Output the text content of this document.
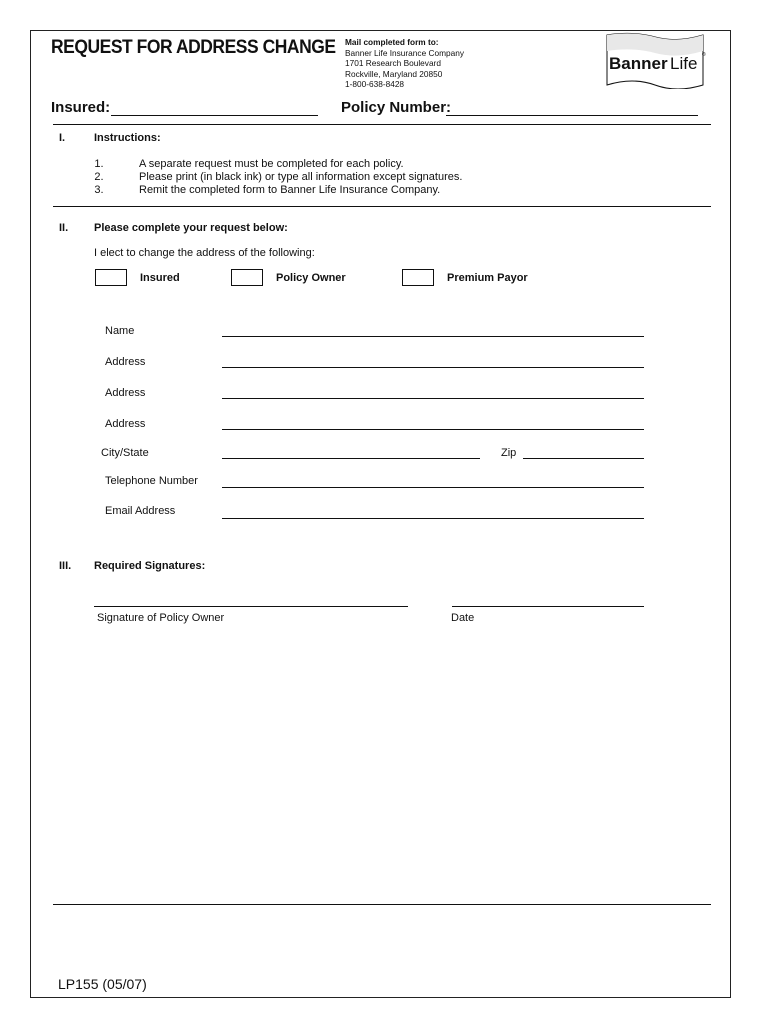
REQUEST FOR ADDRESS CHANGE Mail completed form to:
Banner Life Insurance Company
1701 Research Boulevard
Rockville, Maryland 20850
1-800-638-8428
Banner Life ®
Insured:	Policy Number:
I.	Instructions:
1.
2.
3.
A separate request must be completed for each policy.
Please print (in black ink) or type all information except signatures.
Remit the completed form to Banner Life Insurance Company.
II. Please complete your request below:
I elect to change the address of the following:
Insured	Policy Owner	Premium Payor
Name
Address
Address
Address
City/State	Zip
Telephone Number
Email Address
III. Required Signatures:
Signature of Policy Owner	Date
LP155 (05/07)
